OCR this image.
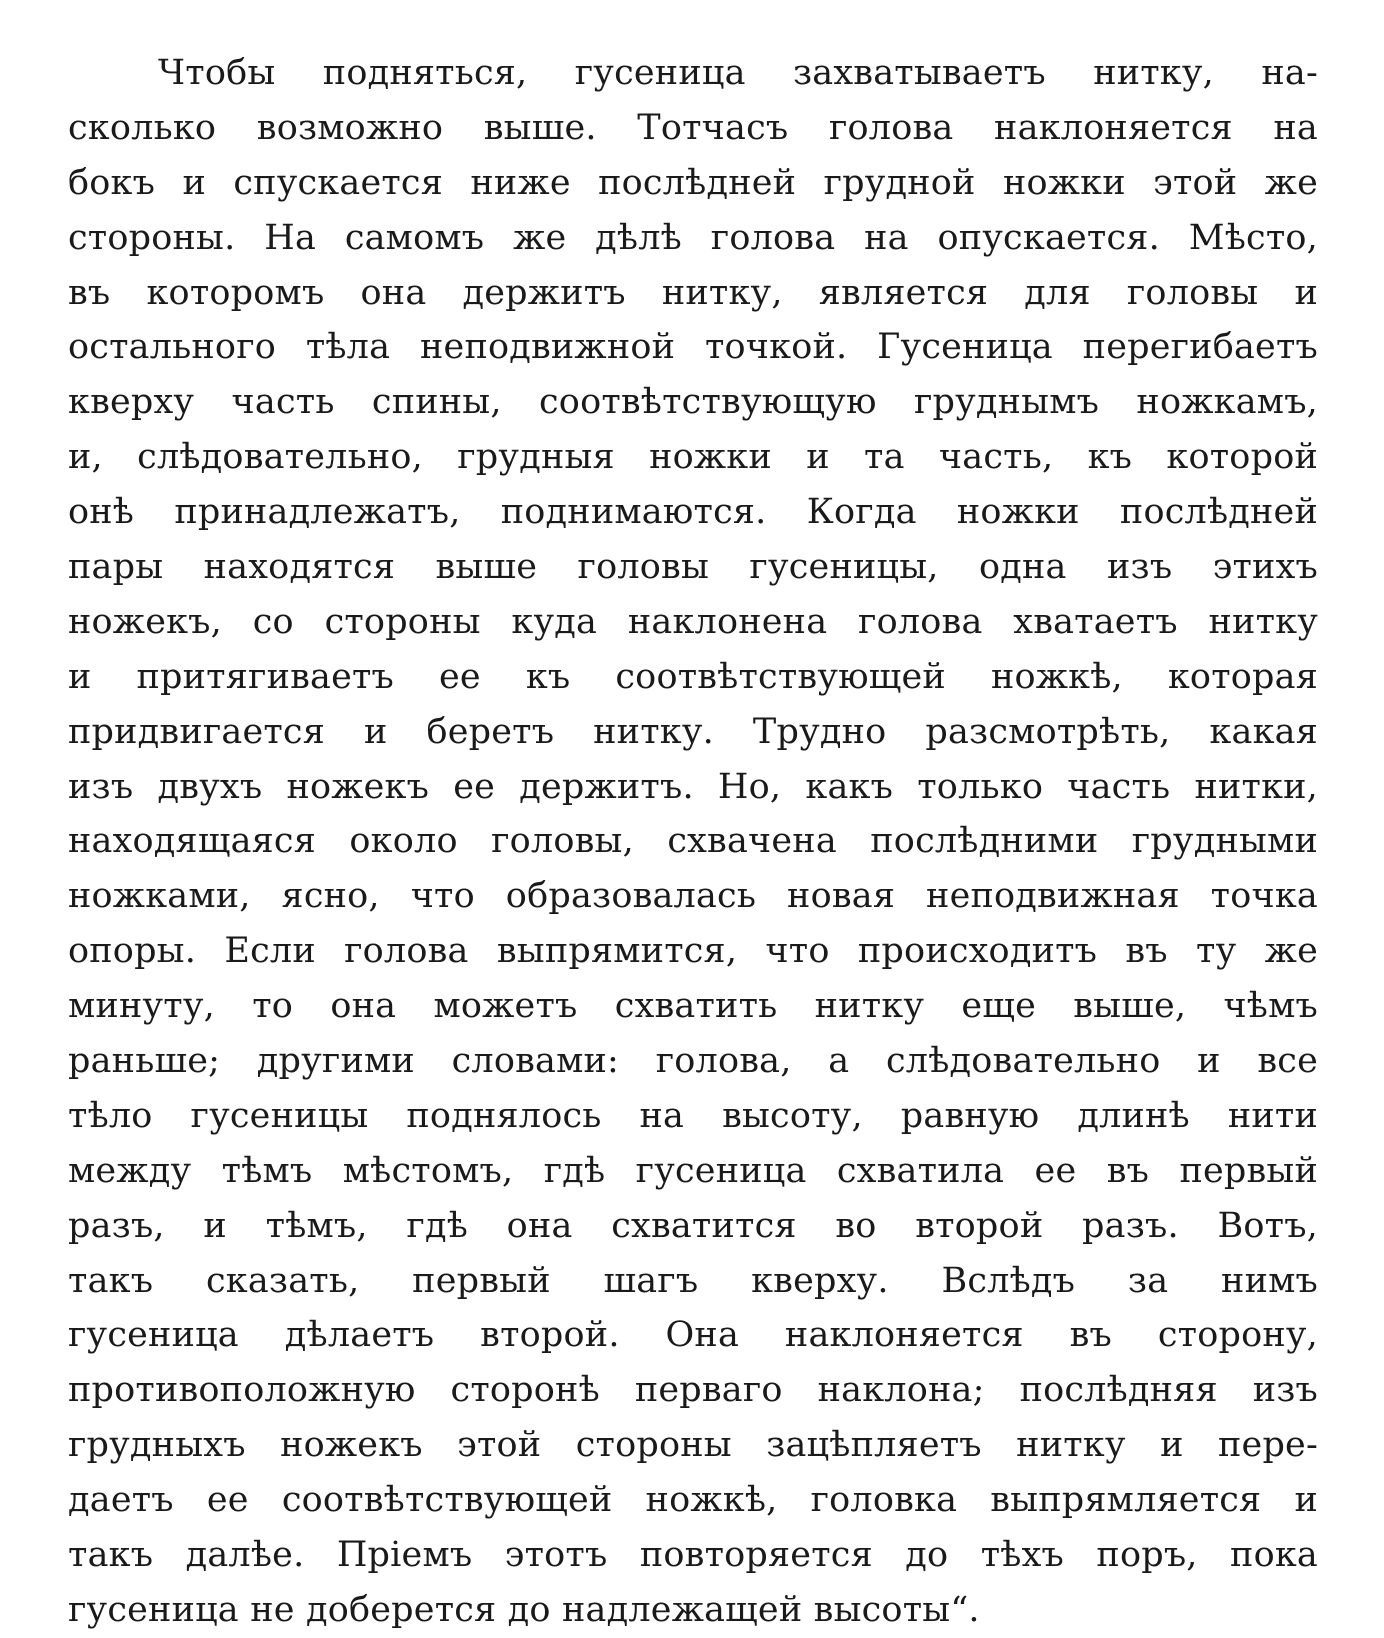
Чтобы подняться, гусеница захватываетъ нитку, на-
сколько возможно выше. Тотчасъ голова наклоняется на
бокъ и спускается ниже послѣдней грудной ножки этой же
стороны. На самомъ же дѣлѣ голова на опускается. Мѣсто,
въ которомъ она держитъ нитку, является для головы и
остального тѣла неподвижной точкой. Гусеница перегибаетъ
кверху часть спины, соотвѣтствующую груднымъ ножкамъ,
и, слѣдовательно, грудныя ножки и та часть, къ которой
онѣ принадлежатъ, поднимаются. Когда ножки послѣдней
пары находятся выше головы гусеницы, одна изъ этихъ
ножекъ, со стороны куда наклонена голова хватаетъ нитку
и притягиваетъ ее къ соотвѣтствующей ножкѣ, которая
придвигается и беретъ нитку. Трудно разсмотрѣть, какая
изъ двухъ ножекъ ее держитъ. Но, какъ только часть нитки,
находящаяся около головы, схвачена послѣдними грудными
ножками, ясно, что образовалась новая неподвижная точка
опоры. Если голова выпрямится, что происходитъ въ ту же
минуту, то она можетъ схватить нитку еще выше, чѣмъ
раньше; другими словами: голова, а слѣдовательно и все
тѣло гусеницы поднялось на высоту, равную длинѣ нити
между тѣмъ мѣстомъ, гдѣ гусеница схватила ее въ первый
разъ, и тѣмъ, гдѣ она схватится во второй разъ. Вотъ,
такъ сказать, первый шагъ кверху. Вслѣдъ за нимъ
гусеница дѣлаетъ второй. Она наклоняется въ сторону,
противоположную сторонѣ перваго наклона; послѣдняя изъ
грудныхъ ножекъ этой стороны зацѣпляетъ нитку и пере-
даетъ ее соотвѣтствующей ножкѣ, головка выпрямляется и
такъ далѣе. Пріемъ этотъ повторяется до тѣхъ поръ, пока
гусеница не доберется до надлежащей высоты“.
